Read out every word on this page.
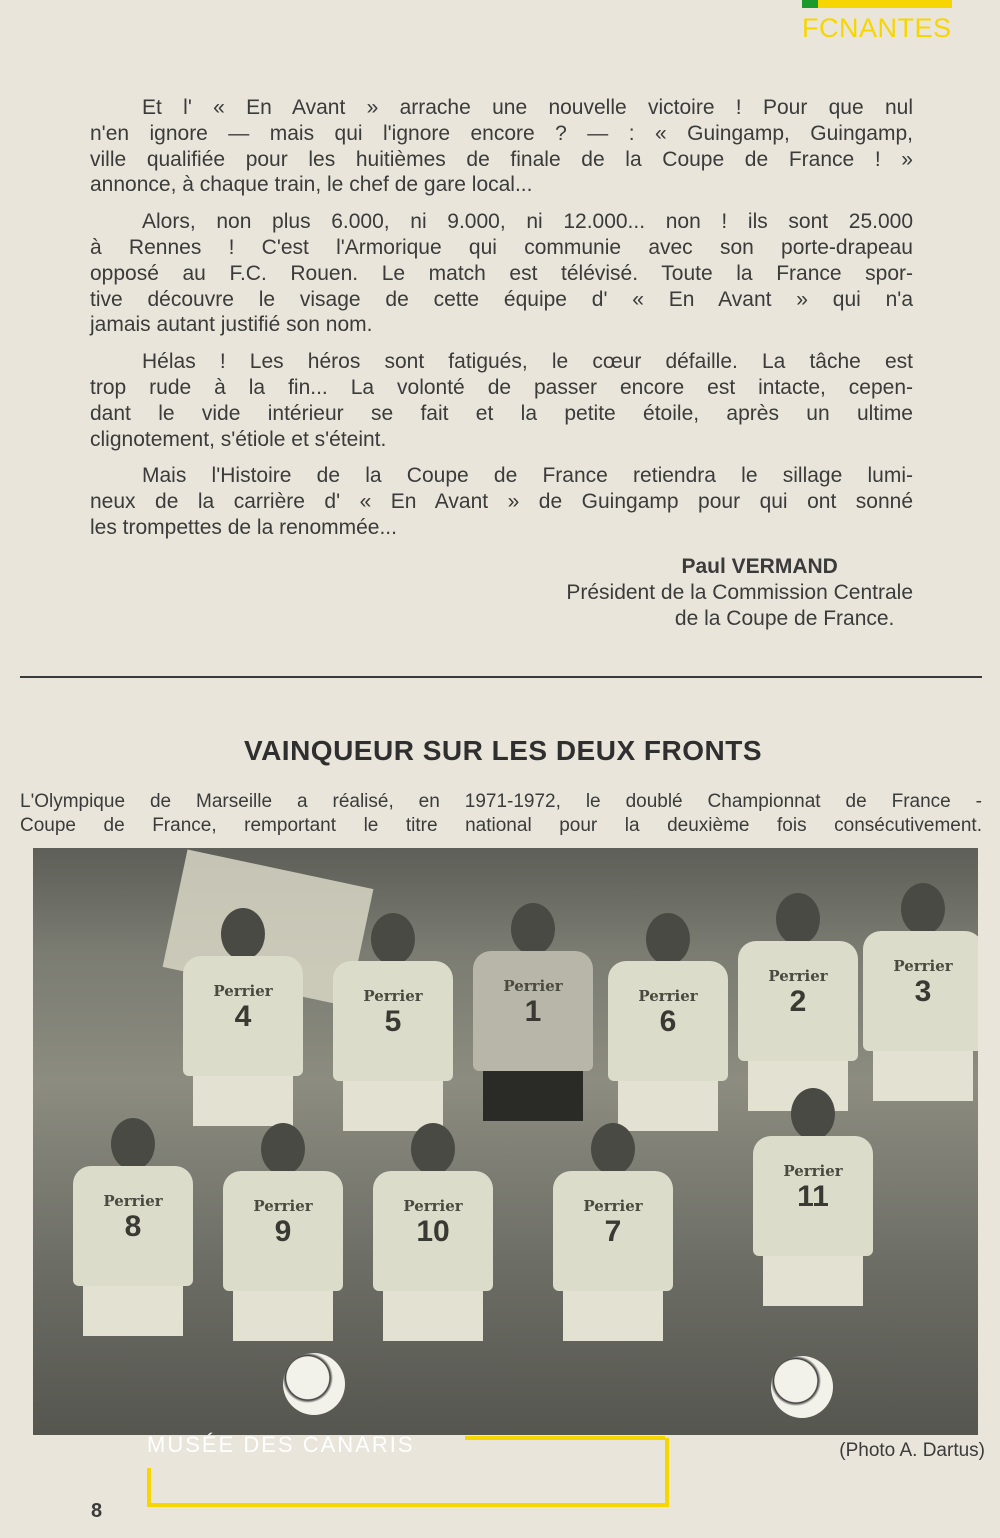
FCNANTES
Et l' « En Avant » arrache une nouvelle victoire ! Pour que nul
n'en ignore — mais qui l'ignore encore ? — : « Guingamp, Guingamp,
ville qualifiée pour les huitièmes de finale de la Coupe de France ! »
annonce, à chaque train, le chef de gare local...
Alors, non plus 6.000, ni 9.000, ni 12.000... non ! ils sont 25.000
à Rennes ! C'est l'Armorique qui communie avec son porte-drapeau
opposé au F.C. Rouen. Le match est télévisé. Toute la France spor-
tive découvre le visage de cette équipe d' « En Avant » qui n'a
jamais autant justifié son nom.
Hélas ! Les héros sont fatigués, le cœur défaille. La tâche est
trop rude à la fin... La volonté de passer encore est intacte, cepen-
dant le vide intérieur se fait et la petite étoile, après un ultime
clignotement, s'étiole et s'éteint.
Mais l'Histoire de la Coupe de France retiendra le sillage lumi-
neux de la carrière d' « En Avant » de Guingamp pour qui ont sonné
les trompettes de la renommée...
Paul VERMAND
Président de la Commission Centrale
de la Coupe de France.
VAINQUEUR SUR LES DEUX FRONTS
L'Olympique de Marseille a réalisé, en 1971-1972, le doublé Championnat de France -
Coupe de France, remportant le titre national pour la deuxième fois consécutivement.
Perrier
4
Perrier
5
Perrier
1	Perrier
6
Perrier
2
Perrier
3
Perrier
8
Perrier
9
Perrier
10
Perrier
7
Perrier
11
(Photo A. Dartus)
MUSÉE DES CANARIS
8
